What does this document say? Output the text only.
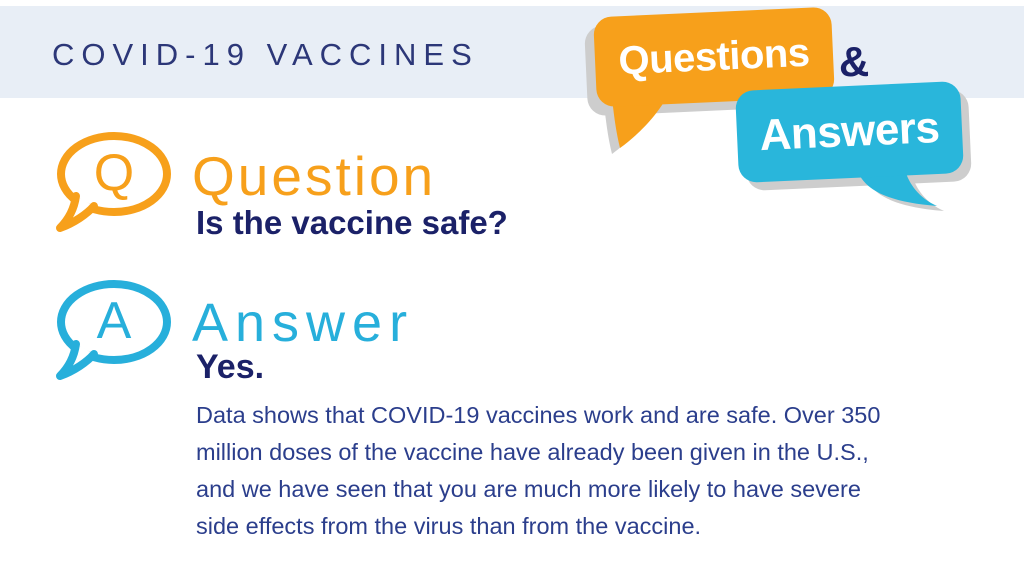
COVID-19 VACCINES	Questions &
Answers
Q Question
Is the vaccine safe?
A Answer
Yes.
Data shows that COVID-19 vaccines work and are safe. Over 350
million doses of the vaccine have already been given in the U.S.,
and we have seen that you are much more likely to have severe
side effects from the virus than from the vaccine.
